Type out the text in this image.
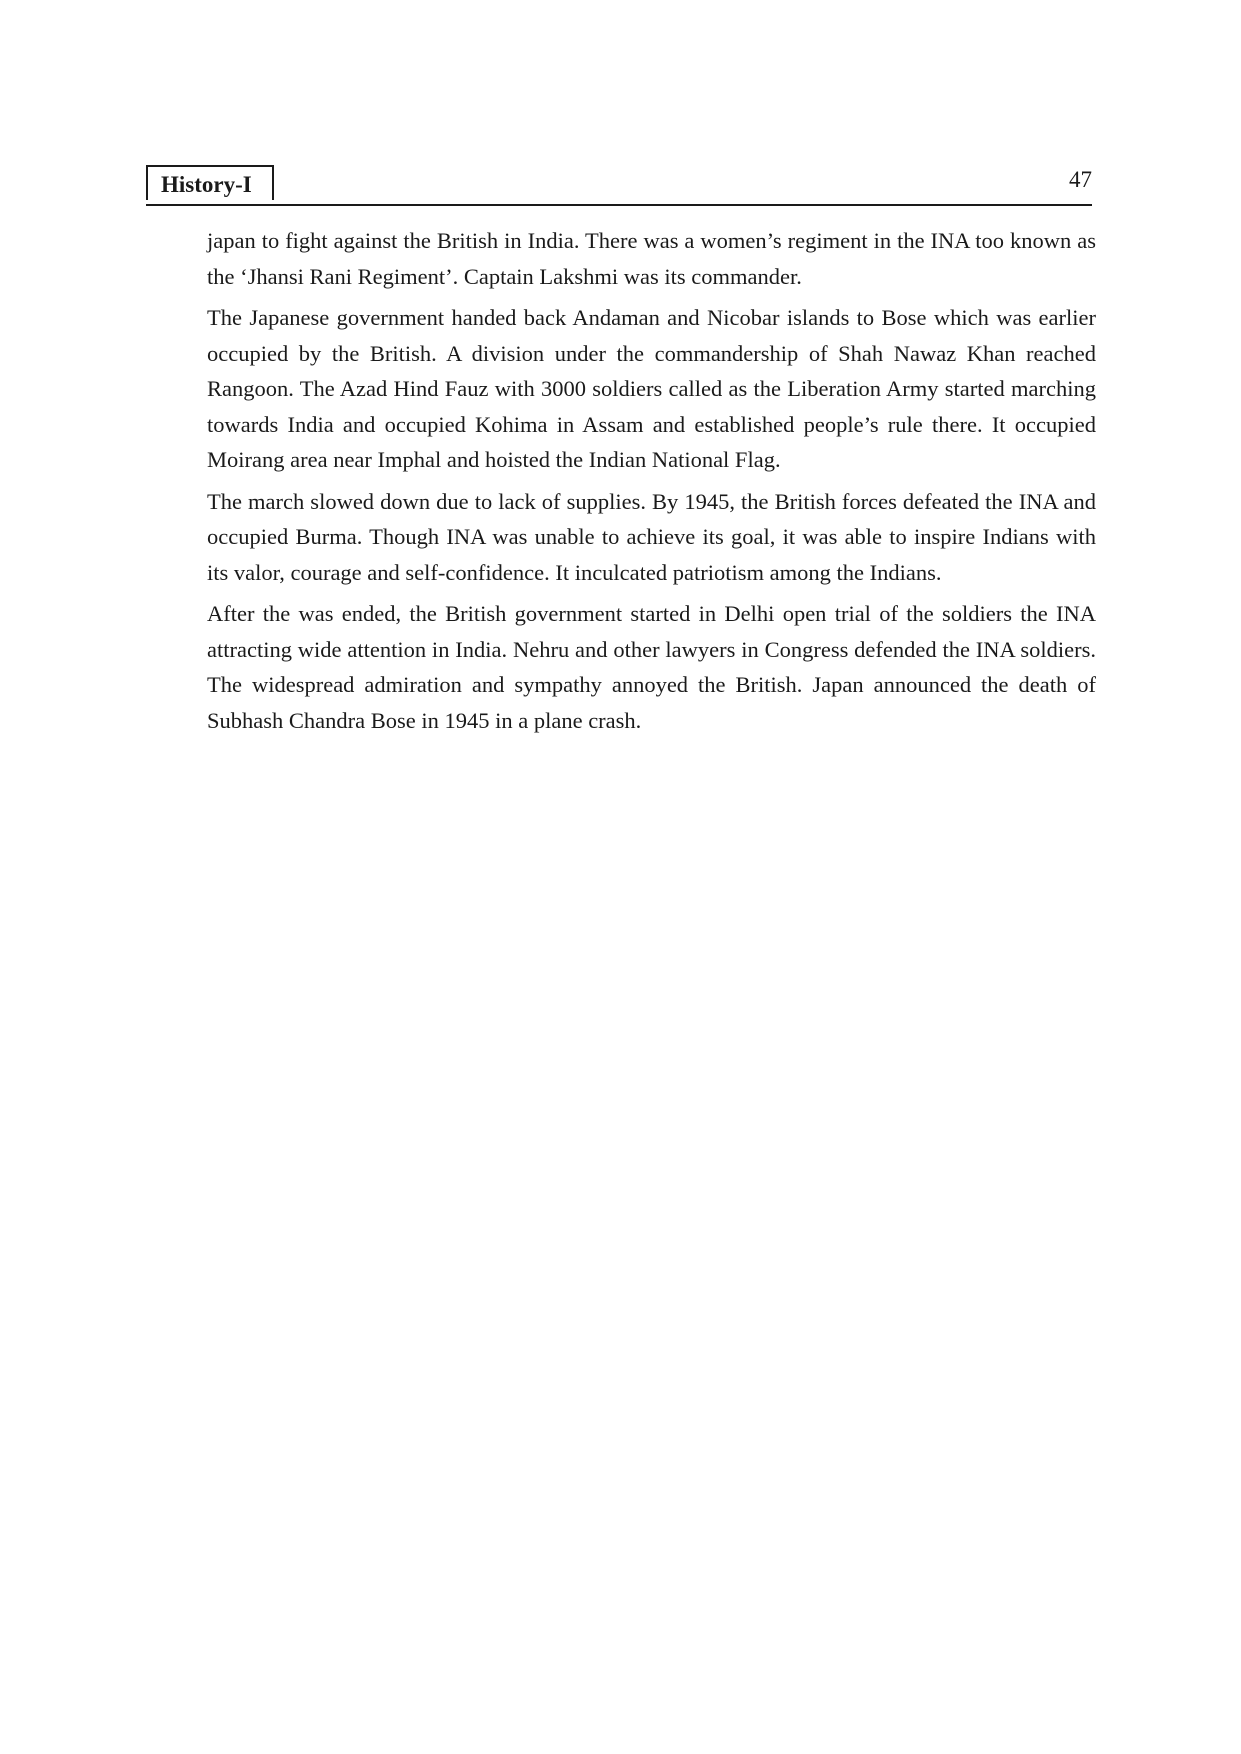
History-I	47

japan to fight against the British in India. There was a women’s regiment in the INA too known as the ‘Jhansi Rani Regiment’. Captain Lakshmi was its commander.

The Japanese government handed back Andaman and Nicobar islands to Bose which was earlier occupied by the British. A division under the commandership of Shah Nawaz Khan reached Rangoon. The Azad Hind Fauz with 3000 soldiers called as the Liberation Army started marching towards India and occupied Kohima in Assam and established people’s rule there. It occupied Moirang area near Imphal and hoisted the Indian National Flag.

The march slowed down due to lack of supplies. By 1945, the British forces defeated the INA and occupied Burma. Though INA was unable to achieve its goal, it was able to inspire Indians with its valor, courage and self-confidence. It inculcated patriotism among the Indians.

After the was ended, the British government started in Delhi open trial of the soldiers the INA attracting wide attention in India. Nehru and other lawyers in Congress defended the INA soldiers. The widespread admiration and sympathy annoyed the British. Japan announced the death of Subhash Chandra Bose in 1945 in a plane crash.
